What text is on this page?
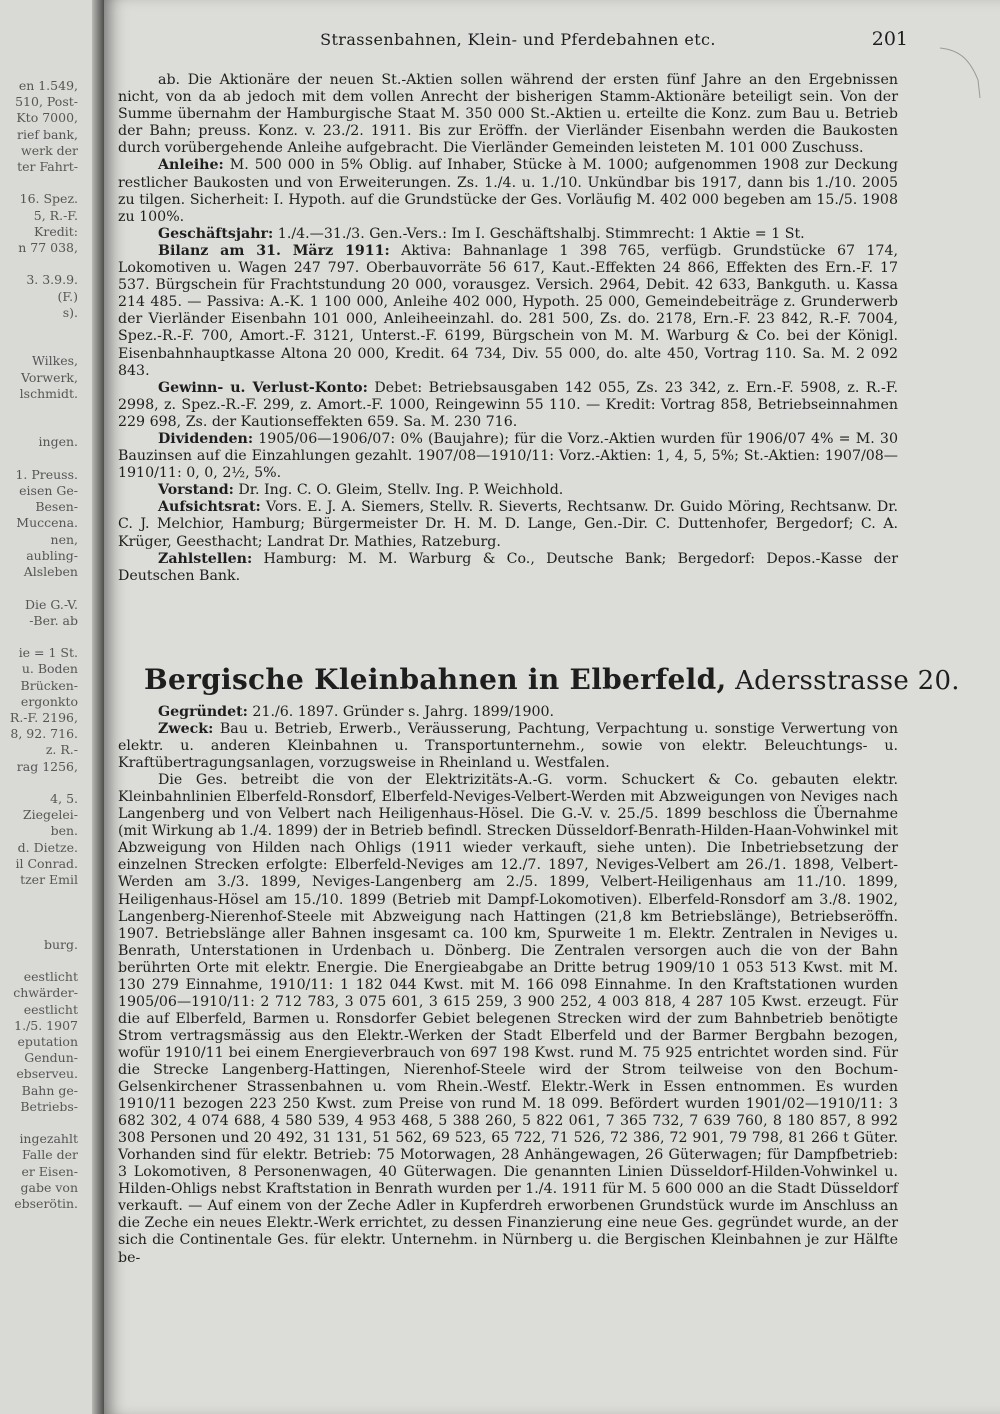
en 1.549,
510, Post-
Kto 7000,
rief bank,
werk der
ter Fahrt-

16. Spez.
5, R.-F.
Kredit:
n 77 038,

3. 3.9.9.
(F.)
s).

Wilkes,
Vorwerk,
lschmidt.

ingen.

1. Preuss.
eisen Ge-
Besen-
Muccena.
nen,
aubling-
Alsleben

Die G.-V.
-Ber. ab

ie = 1 St.
u. Boden
Brücken-
ergonkto
R.-F. 2196,
8, 92. 716.
z. R.-
rag 1256,

4, 5.
Ziegelei-
ben.
d. Dietze.
il Conrad.
tzer Emil

burg.

eestlicht
chwärder-
eestlicht
1./5. 1907
eputation
Gendun-
ebserveu.
Bahn ge-
Betriebs-

ingezahlt
Falle der
er Eisen-
gabe von
ebserötin.
Strassenbahnen, Klein- und Pferdebahnen etc.	201

ab. Die Aktionäre der neuen St.-Aktien sollen während der ersten fünf Jahre an den Ergebnissen nicht, von da ab jedoch mit dem vollen Anrecht der bisherigen Stamm-Aktionäre beteiligt sein. Von der Summe übernahm der Hamburgische Staat M. 350 000 St.-Aktien u. erteilte die Konz. zum Bau u. Betrieb der Bahn; preuss. Konz. v. 23./2. 1911. Bis zur Eröffn. der Vierländer Eisenbahn werden die Baukosten durch vorübergehende Anleihe aufgebracht. Die Vierländer Gemeinden leisteten M. 101 000 Zuschuss.

Anleihe: M. 500 000 in 5% Oblig. auf Inhaber, Stücke à M. 1000; aufgenommen 1908 zur Deckung restlicher Baukosten und von Erweiterungen. Zs. 1./4. u. 1./10. Unkündbar bis 1917, dann bis 1./10. 2005 zu tilgen. Sicherheit: I. Hypoth. auf die Grundstücke der Ges. Vorläufig M. 402 000 begeben am 15./5. 1908 zu 100%.

Geschäftsjahr: 1./4.—31./3. Gen.-Vers.: Im I. Geschäftshalbj. Stimmrecht: 1 Aktie = 1 St.

Bilanz am 31. März 1911: Aktiva: Bahnanlage 1 398 765, verfügb. Grundstücke 67 174, Lokomotiven u. Wagen 247 797. Oberbauvorräte 56 617, Kaut.-Effekten 24 866, Effekten des Ern.-F. 17 537. Bürgschein für Frachtstundung 20 000, vorausgez. Versich. 2964, Debit. 42 633, Bankguth. u. Kassa 214 485. — Passiva: A.-K. 1 100 000, Anleihe 402 000, Hypoth. 25 000, Gemeindebeiträge z. Grunderwerb der Vierländer Eisenbahn 101 000, Anleiheeinzahl. do. 281 500, Zs. do. 2178, Ern.-F. 23 842, R.-F. 7004, Spez.-R.-F. 700, Amort.-F. 3121, Unterst.-F. 6199, Bürgschein von M. M. Warburg & Co. bei der Königl. Eisenbahnhauptkasse Altona 20 000, Kredit. 64 734, Div. 55 000, do. alte 450, Vortrag 110. Sa. M. 2 092 843.

Gewinn- u. Verlust-Konto: Debet: Betriebsausgaben 142 055, Zs. 23 342, z. Ern.-F. 5908, z. R.-F. 2998, z. Spez.-R.-F. 299, z. Amort.-F. 1000, Reingewinn 55 110. — Kredit: Vortrag 858, Betriebseinnahmen 229 698, Zs. der Kautionseffekten 659. Sa. M. 230 716.

Dividenden: 1905/06—1906/07: 0% (Baujahre); für die Vorz.-Aktien wurden für 1906/07 4% = M. 30 Bauzinsen auf die Einzahlungen gezahlt. 1907/08—1910/11: Vorz.-Aktien: 1, 4, 5, 5%; St.-Aktien: 1907/08—1910/11: 0, 0, 2½, 5%.

Vorstand: Dr. Ing. C. O. Gleim, Stellv. Ing. P. Weichhold.

Aufsichtsrat: Vors. E. J. A. Siemers, Stellv. R. Sieverts, Rechtsanw. Dr. Guido Möring, Rechtsanw. Dr. C. J. Melchior, Hamburg; Bürgermeister Dr. H. M. D. Lange, Gen.-Dir. C. Duttenhofer, Bergedorf; C. A. Krüger, Geesthacht; Landrat Dr. Mathies, Ratzeburg.

Zahlstellen: Hamburg: M. M. Warburg & Co., Deutsche Bank; Bergedorf: Depos.-Kasse der Deutschen Bank.

Bergische Kleinbahnen in Elberfeld, Adersstrasse 20.

Gegründet: 21./6. 1897. Gründer s. Jahrg. 1899/1900.

Zweck: Bau u. Betrieb, Erwerb., Veräusserung, Pachtung, Verpachtung u. sonstige Verwertung von elektr. u. anderen Kleinbahnen u. Transportunternehm., sowie von elektr. Beleuchtungs- u. Kraftübertragungsanlagen, vorzugsweise in Rheinland u. Westfalen.

Die Ges. betreibt die von der Elektrizitäts-A.-G. vorm. Schuckert & Co. gebauten elektr. Kleinbahnlinien Elberfeld-Ronsdorf, Elberfeld-Neviges-Velbert-Werden mit Abzweigungen von Neviges nach Langenberg und von Velbert nach Heiligenhaus-Hösel. Die G.-V. v. 25./5. 1899 beschloss die Übernahme (mit Wirkung ab 1./4. 1899) der in Betrieb befindl. Strecken Düsseldorf-Benrath-Hilden-Haan-Vohwinkel mit Abzweigung von Hilden nach Ohligs (1911 wieder verkauft, siehe unten). Die Inbetriebsetzung der einzelnen Strecken erfolgte: Elberfeld-Neviges am 12./7. 1897, Neviges-Velbert am 26./1. 1898, Velbert-Werden am 3./3. 1899, Neviges-Langenberg am 2./5. 1899, Velbert-Heiligenhaus am 11./10. 1899, Heiligenhaus-Hösel am 15./10. 1899 (Betrieb mit Dampf-Lokomotiven). Elberfeld-Ronsdorf am 3./8. 1902, Langenberg-Nierenhof-Steele mit Abzweigung nach Hattingen (21,8 km Betriebslänge), Betriebseröffn. 1907. Betriebslänge aller Bahnen insgesamt ca. 100 km, Spurweite 1 m. Elektr. Zentralen in Neviges u. Benrath, Unterstationen in Urdenbach u. Dönberg. Die Zentralen versorgen auch die von der Bahn berührten Orte mit elektr. Energie. Die Energieabgabe an Dritte betrug 1909/10 1 053 513 Kwst. mit M. 130 279 Einnahme, 1910/11: 1 182 044 Kwst. mit M. 166 098 Einnahme. In den Kraftstationen wurden 1905/06—1910/11: 2 712 783, 3 075 601, 3 615 259, 3 900 252, 4 003 818, 4 287 105 Kwst. erzeugt. Für die auf Elberfeld, Barmen u. Ronsdorfer Gebiet belegenen Strecken wird der zum Bahnbetrieb benötigte Strom vertragsmässig aus den Elektr.-Werken der Stadt Elberfeld und der Barmer Bergbahn bezogen, wofür 1910/11 bei einem Energieverbrauch von 697 198 Kwst. rund M. 75 925 entrichtet worden sind. Für die Strecke Langenberg-Hattingen, Nierenhof-Steele wird der Strom teilweise von den Bochum-Gelsenkirchener Strassenbahnen u. vom Rhein.-Westf. Elektr.-Werk in Essen entnommen. Es wurden 1910/11 bezogen 223 250 Kwst. zum Preise von rund M. 18 099. Befördert wurden 1901/02—1910/11: 3 682 302, 4 074 688, 4 580 539, 4 953 468, 5 388 260, 5 822 061, 7 365 732, 7 639 760, 8 180 857, 8 992 308 Personen und 20 492, 31 131, 51 562, 69 523, 65 722, 71 526, 72 386, 72 901, 79 798, 81 266 t Güter. Vorhanden sind für elektr. Betrieb: 75 Motorwagen, 28 Anhängewagen, 26 Güterwagen; für Dampfbetrieb: 3 Lokomotiven, 8 Personenwagen, 40 Güterwagen. Die genannten Linien Düsseldorf-Hilden-Vohwinkel u. Hilden-Ohligs nebst Kraftstation in Benrath wurden per 1./4. 1911 für M. 5 600 000 an die Stadt Düsseldorf verkauft. — Auf einem von der Zeche Adler in Kupferdreh erworbenen Grundstück wurde im Anschluss an die Zeche ein neues Elektr.-Werk errichtet, zu dessen Finanzierung eine neue Ges. gegründet wurde, an der sich die Continentale Ges. für elektr. Unternehm. in Nürnberg u. die Bergischen Kleinbahnen je zur Hälfte be-
